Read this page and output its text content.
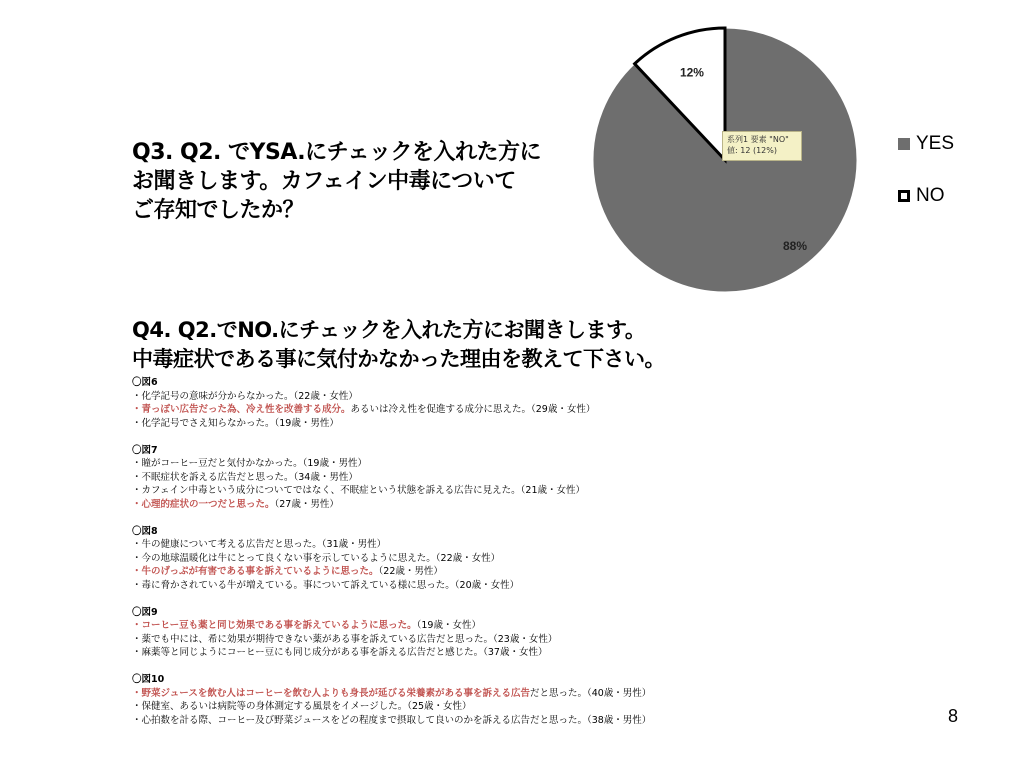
Q3. Q2. でYSA.にチェックを入れた方に
お聞きします。カフェイン中毒について
ご存知でしたか？
88%
12%
系列1 要素 "NO"
値: 12 (12%)	YES
NO
Q4. Q2.でNO.にチェックを入れた方にお聞きします。
中毒症状である事に気付かなかった理由を教えて下さい。
〇図6
・化学記号の意味が分からなかった。（22歳・女性）
・青っぽい広告だった為、冷え性を改善する成分。あるいは冷え性を促進する成分に思えた。（29歳・女性）
・化学記号でさえ知らなかった。（19歳・男性）
〇図7
・瞳がコーヒー豆だと気付かなかった。（19歳・男性）
・不眠症状を訴える広告だと思った。（34歳・男性）
・カフェイン中毒という成分についてではなく、不眠症という状態を訴える広告に見えた。（21歳・女性）
・心理的症状の一つだと思った。（27歳・男性）
〇図8
・牛の健康について考える広告だと思った。（31歳・男性）
・今の地球温暖化は牛にとって良くない事を示しているように思えた。（22歳・女性）
・牛のげっぷが有害である事を訴えているように思った。（22歳・男性）
・毒に脅かされている牛が増えている。事について訴えている様に思った。（20歳・女性）
〇図9
・コーヒー豆も薬と同じ効果である事を訴えているように思った。（19歳・女性）
・薬でも中には、希に効果が期待できない薬がある事を訴えている広告だと思った。（23歳・女性）
・麻薬等と同じようにコーヒー豆にも同じ成分がある事を訴える広告だと感じた。（37歳・女性）
〇図10
・野菜ジュースを飲む人はコーヒーを飲む人よりも身長が延びる栄養素がある事を訴える広告だと思った。（40歳・男性）
・保健室、あるいは病院等の身体測定する風景をイメージした。（25歳・女性）
・心拍数を計る際、コーヒー及び野菜ジュースをどの程度まで摂取して良いのかを訴える広告だと思った。（38歳・男性）	8
